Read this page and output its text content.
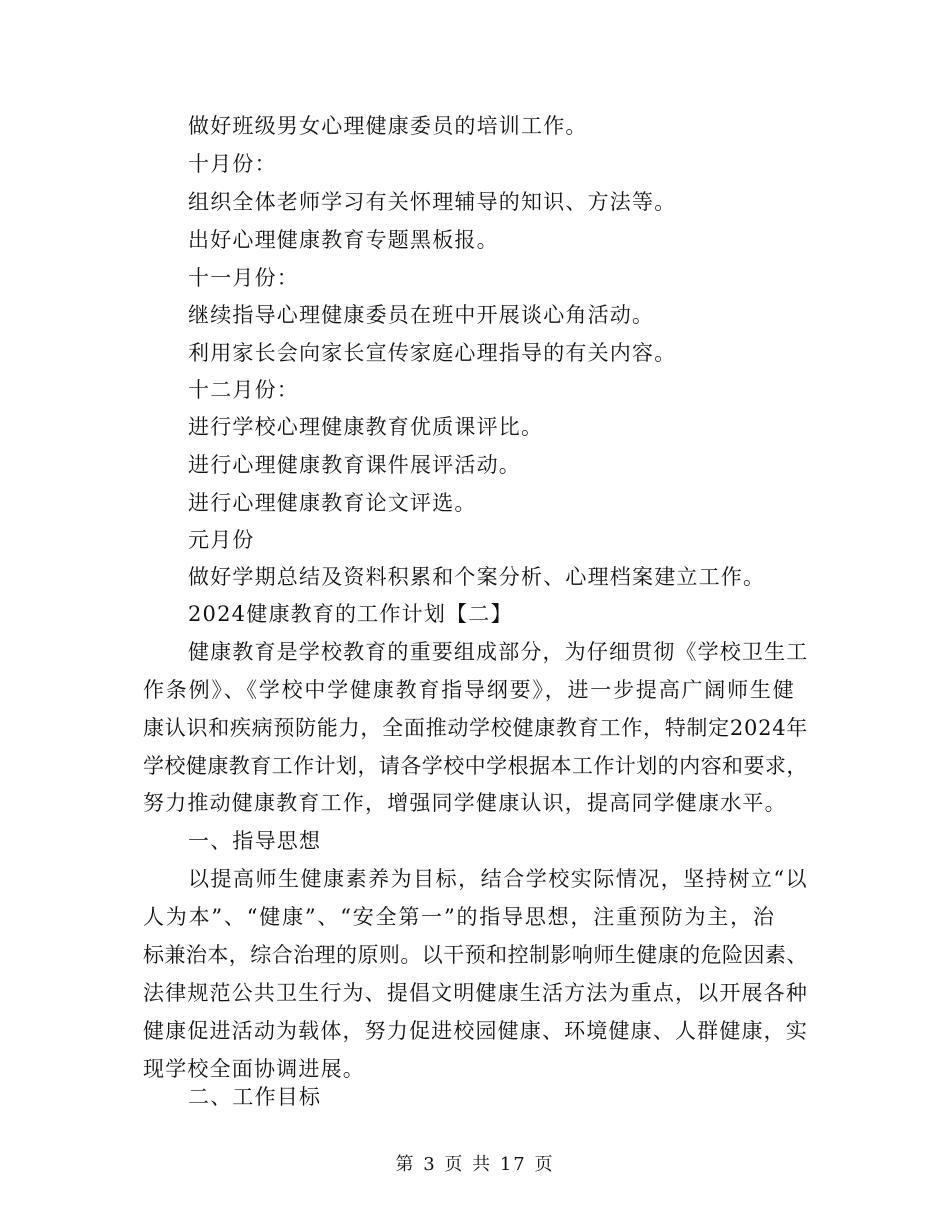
做好班级男女心理健康委员的培训工作。
十月份：
组织全体老师学习有关怀理辅导的知识、方法等。
出好心理健康教育专题黑板报。
十一月份：
继续指导心理健康委员在班中开展谈心角活动。
利用家长会向家长宣传家庭心理指导的有关内容。
十二月份：
进行学校心理健康教育优质课评比。
进行心理健康教育课件展评活动。
进行心理健康教育论文评选。
元月份
做好学期总结及资料积累和个案分析、心理档案建立工作。
2024健康教育的工作计划【二】
健康教育是学校教育的重要组成部分，为仔细贯彻《学校卫生工
作条例》、《学校中学健康教育指导纲要》，进一步提高广阔师生健
康认识和疾病预防能力，全面推动学校健康教育工作，特制定2024年
学校健康教育工作计划，请各学校中学根据本工作计划的内容和要求，
努力推动健康教育工作，增强同学健康认识，提高同学健康水平。
一、指导思想
以提高师生健康素养为目标，结合学校实际情况，坚持树立“以
人为本”、“健康”、“安全第一”的指导思想，注重预防为主，治
标兼治本，综合治理的原则。以干预和控制影响师生健康的危险因素、
法律规范公共卫生行为、提倡文明健康生活方法为重点，以开展各种
健康促进活动为载体，努力促进校园健康、环境健康、人群健康，实
现学校全面协调进展。
二、工作目标
第 3 页 共 17 页
